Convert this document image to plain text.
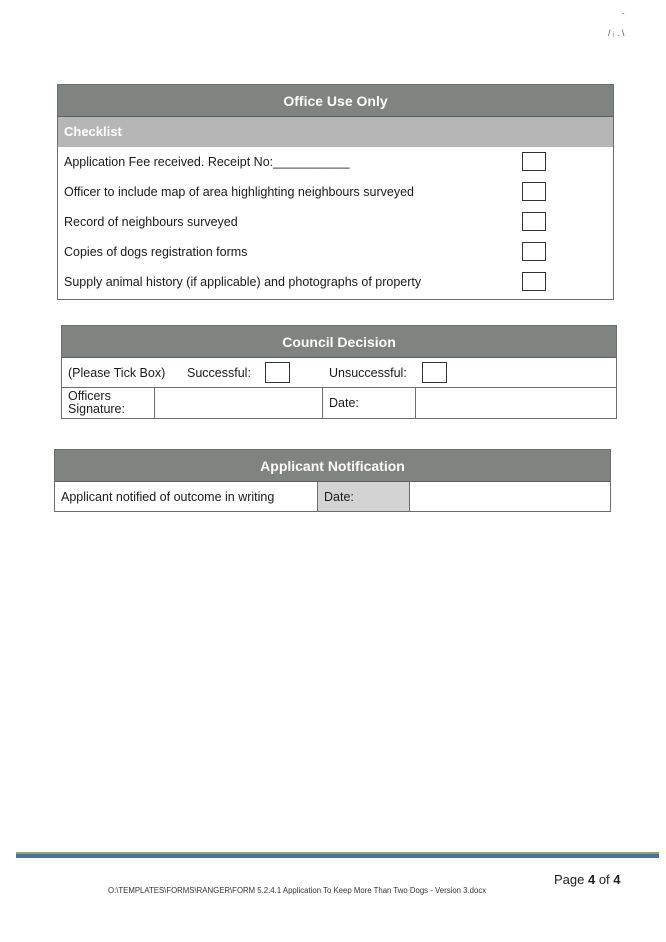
`
/ ᵢ . \
Office Use Only
Checklist
Application Fee received. Receipt No:___________
Officer to include map of area highlighting neighbours surveyed
Record of neighbours surveyed
Copies of dogs registration forms
Supply animal history (if applicable) and photographs of property
Council Decision
(Please Tick Box) Successful:	Unsuccessful:
Officers Signature:	Date:
Applicant Notification
Applicant notified of outcome in writing	Date:
Page 4 of 4
O:\TEMPLATES\FORMS\RANGER\FORM 5.2.4.1 Application To Keep More Than Two Dogs - Version 3.docx
